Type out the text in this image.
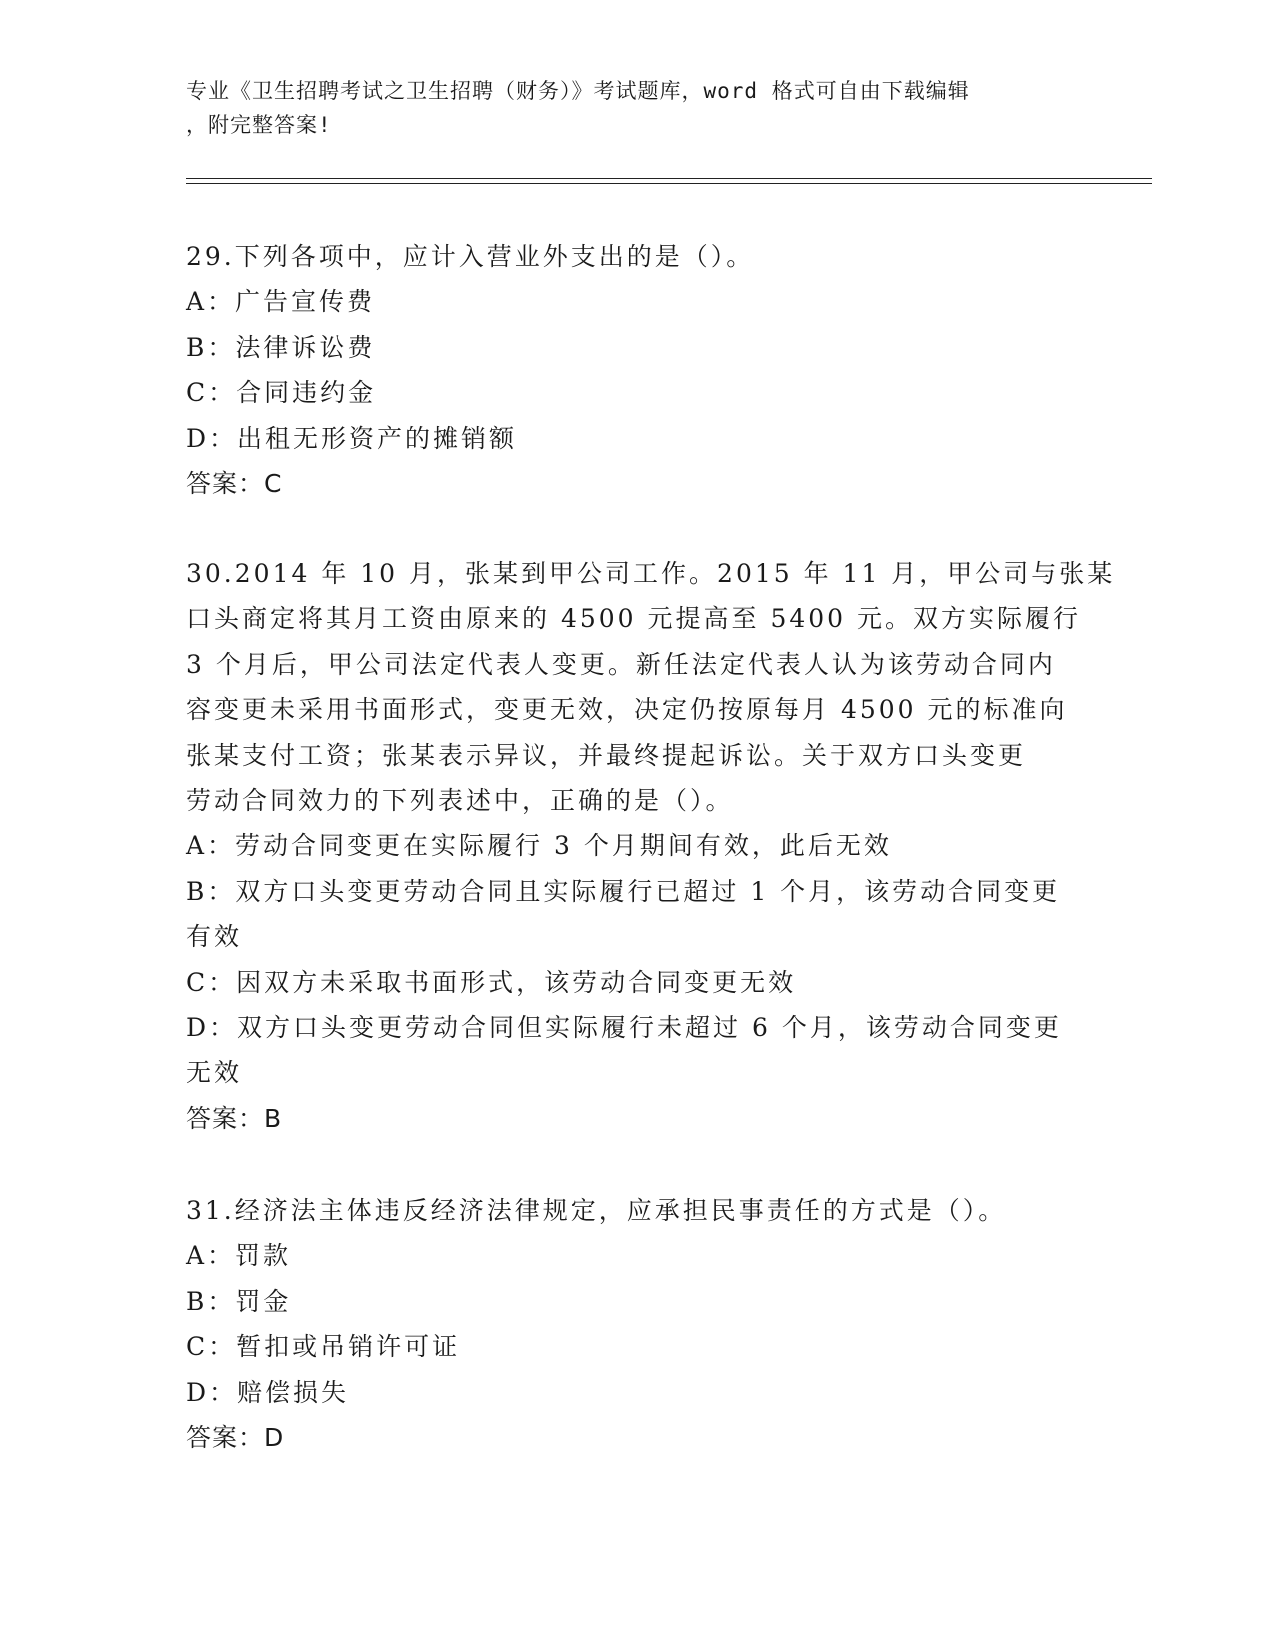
专业《卫生招聘考试之卫生招聘（财务）》考试题库，word 格式可自由下载编辑
，附完整答案!
29.下列各项中，应计入营业外支出的是（）。
A：广告宣传费
B：法律诉讼费
C：合同违约金
D：出租无形资产的摊销额
答案：C
30.2014 年 10 月，张某到甲公司工作。2015 年 11 月，甲公司与张某
口头商定将其月工资由原来的 4500 元提高至 5400 元。双方实际履行
3 个月后，甲公司法定代表人变更。新任法定代表人认为该劳动合同内
容变更未采用书面形式，变更无效，决定仍按原每月 4500 元的标准向
张某支付工资；张某表示异议，并最终提起诉讼。关于双方口头变更
劳动合同效力的下列表述中，正确的是（）。
A：劳动合同变更在实际履行 3 个月期间有效，此后无效
B：双方口头变更劳动合同且实际履行已超过 1 个月，该劳动合同变更
有效
C：因双方未采取书面形式，该劳动合同变更无效
D：双方口头变更劳动合同但实际履行未超过 6 个月，该劳动合同变更
无效
答案：B
31.经济法主体违反经济法律规定，应承担民事责任的方式是（）。
A：罚款
B：罚金
C：暂扣或吊销许可证
D：赔偿损失
答案：D
